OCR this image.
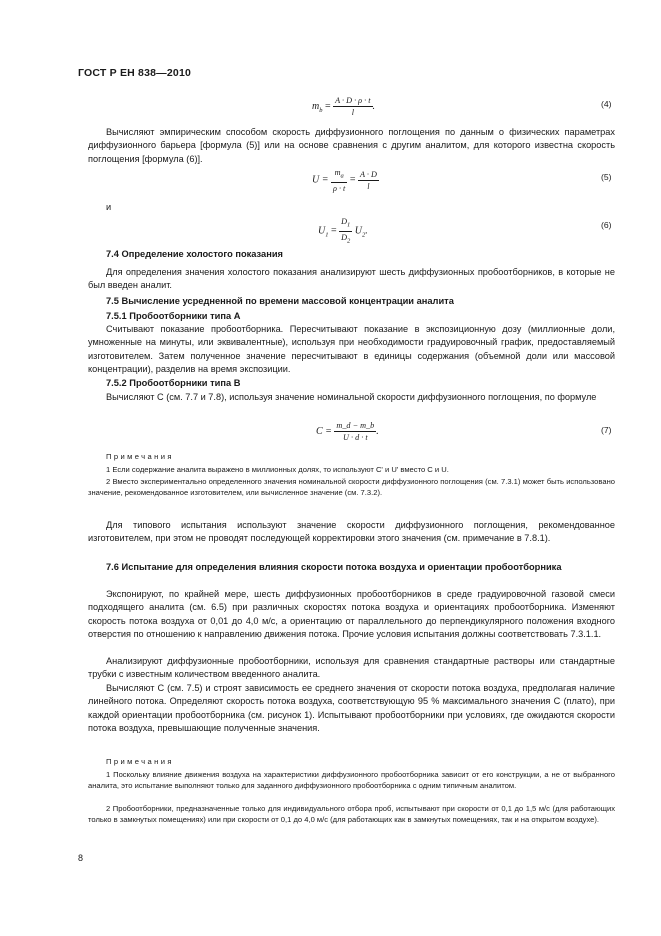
ГОСТ Р ЕН 838—2010
$m_b = \frac{A \cdot D \cdot \rho \cdot t}{l}$ .	(4)
Вычисляют эмпирическим способом скорость диффузионного поглощения по данным о физических параметрах диффузионного барьера [формула (5)] или на основе сравнения с другим аналитом, для которого известна скорость поглощения [формула (6)].
$U = \frac{m_a}{\rho \cdot t} = \frac{A \cdot D}{l}$	(5)
и
$U_1 = \frac{D_1}{D_2} U_2$.
(6)
7.4 Определение холостого показания
Для определения значения холостого показания анализируют шесть диффузионных пробоотборников, в которые не был введен аналит.
7.5 Вычисление усредненной по времени массовой концентрации аналита
7.5.1 Пробоотборники типа А
Считывают показание пробоотборника. Пересчитывают показание в экспозиционную дозу (миллионные доли, умноженные на минуты, или эквивалентные), используя при необходимости градуировочный график, предоставляемый изготовителем. Затем полученное значение пересчитывают в единицы содержания (объемной доли или массовой концентрации), разделив на время экспозиции.
7.5.2 Пробоотборники типа В
Вычисляют C (см. 7.7 и 7.8), используя значение номинальной скорости диффузионного поглощения, по формуле
$C = \frac{m\_d - m\_b}{U \cdot d \cdot t}$ .	(7)
Примечания
1 Если содержание аналита выражено в миллионных долях, то используют C' и U' вместо C и U.
2 Вместо экспериментально определенного значения номинальной скорости диффузионного поглощения (см. 7.3.1) может быть использовано значение, рекомендованное изготовителем, или вычисленное значение (см. 7.3.2).
Для типового испытания используют значение скорости диффузионного поглощения, рекомендованное изготовителем, при этом не проводят последующей корректировки этого значения (см. примечание в 7.8.1).
7.6 Испытание для определения влияния скорости потока воздуха и ориентации пробоотборника
Экспонируют, по крайней мере, шесть диффузионных пробоотборников в среде градуировочной газовой смеси подходящего аналита (см. 6.5) при различных скоростях потока воздуха и ориентациях пробоотборника. Изменяют скорость потока воздуха от 0,01 до 4,0 м/с, а ориентацию от параллельного до перпендикулярного положения входного отверстия по отношению к направлению движения потока. Прочие условия испытания должны соответствовать 7.3.1.1.
Анализируют диффузионные пробоотборники, используя для сравнения стандартные растворы или стандартные трубки с известным количеством введенного аналита.
Вычисляют C (см. 7.5) и строят зависимость ее среднего значения от скорости потока воздуха, предполагая наличие линейного потока. Определяют скорость потока воздуха, соответствующую 95 % максимального значения C (плато), при каждой ориентации пробоотборника (см. рисунок 1). Испытывают пробоотборники при условиях, где ожидаются скорости потока воздуха, превышающие полученные значения.
Примечания
1 Поскольку влияние движения воздуха на характеристики диффузионного пробоотборника зависит от его конструкции, а не от выбранного аналита, это испытание выполняют только для заданного диффузионного пробоотборника с одним типичным аналитом.
2 Пробоотборники, предназначенные только для индивидуального отбора проб, испытывают при скорости от 0,1 до 1,5 м/с (для работающих только в замкнутых помещениях) или при скорости от 0,1 до 4,0 м/с (для работающих как в замкнутых помещениях, так и на открытом воздухе).
8
